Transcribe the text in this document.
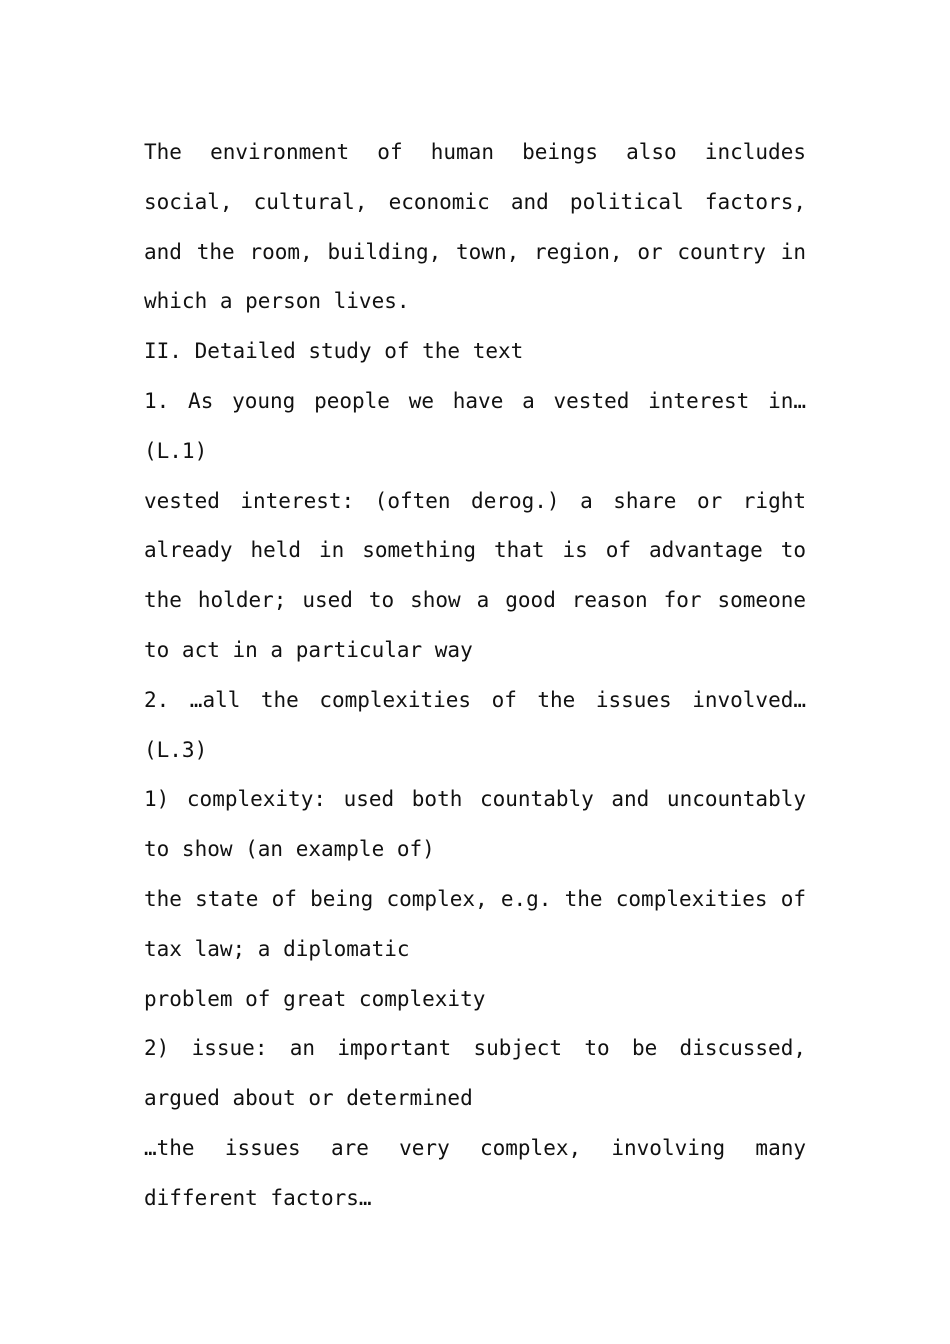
The environment of human beings also includes social, cultural, economic and political factors, and the room, building, town, region, or country in which a person lives.

II. Detailed study of the text

1. As young people we have a vested interest in…

(L.1)

vested interest: (often derog.) a share or right already held in something that is of advantage to the holder; used to show a good reason for someone to act in a particular way

2. …all the complexities of the issues involved…

(L.3)

1) complexity: used both countably and uncountably to show (an example of)

the state of being complex, e.g. the complexities of tax law; a diplomatic

problem of great complexity

2) issue: an important subject to be discussed, argued about or determined

…the issues are very complex, involving many different factors…
